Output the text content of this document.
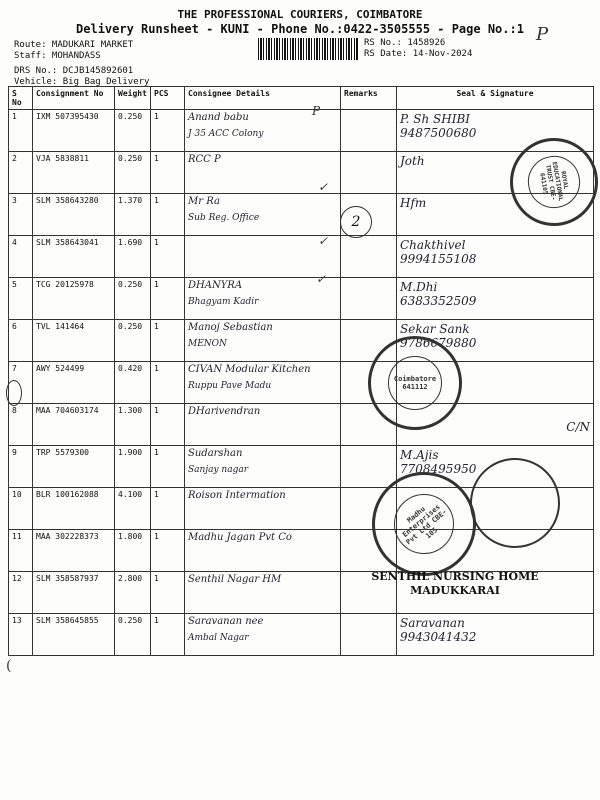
THE PROFESSIONAL COURIERS, COIMBATORE
Delivery Runsheet - KUNI - Phone No.:0422-3505555 - Page No.:1 P
Route: MADUKARI MARKET
Staff: MOHANDASS
DRS No.: DCJB145892601
Vehicle: Big Bag Delivery
RS No.: 1458926
RS Date: 14-Nov-2024
S No	Consignment No	Weight	PCS	Consignee Details	Remarks	Seal & Signature
1	IXM 507395430	0.250	1	Anand babu
J 35 ACC Colony		P. Sh SHIBI
9487500680
2	VJA 5838811	0.250	1	RCC P		Joth

3	SLM 358643280	1.370	1	Mr Ra
Sub Reg. Office		Hfm

4	SLM 358643041	1.690	1			Chakthivel
9994155108
5	TCG 20125978	0.250	1	DHANYRA
Bhagyam Kadir		M.Dhi
6383352509
6	TVL 141464	0.250	1	Manoj Sebastian
MENON		Sekar Sank
9786679880
7	AWY 524499	0.420	1	CIVAN Modular Kitchen
Ruppu Pave Madu		

8	MAA 704603174	1.300	1	DHarivendran		C/N

9	TRP 5579300	1.900	1	Sudarshan
Sanjay nagar		M.Ajis
7708495950
10	BLR 100162088	4.100	1	Roison Intermation		

11	MAA 302228373	1.800	1	Madhu Jagan Pvt Co		

12	SLM 358587937	2.800	1	Senthil Nagar HM		

13	SLM 358645855	0.250	1	Saravanan nee
Ambal Nagar		Saravanan
9943041432
ROYAL EDUCATIONAL TRUST CBE-641105
Coimbatore 641112
Madhu Enterprises Pvt Ltd CBE-105
SENTHIL NURSING HOME
MADUKKARAI
2
P
✓
✓
✓
(
